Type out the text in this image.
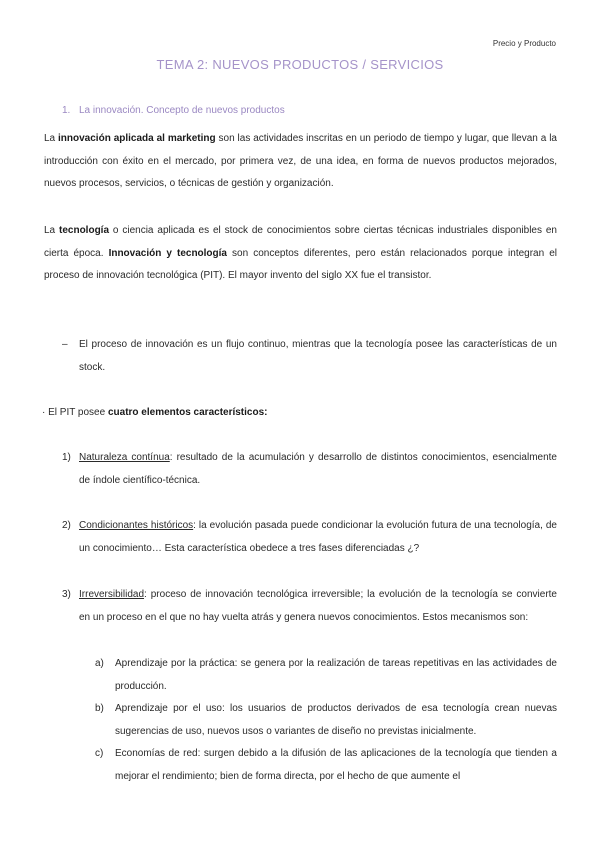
Precio y Producto
TEMA 2: NUEVOS PRODUCTOS / SERVICIOS
1. La innovación. Concepto de nuevos productos
La innovación aplicada al marketing son las actividades inscritas en un periodo de tiempo y lugar, que llevan a la introducción con éxito en el mercado, por primera vez, de una idea, en forma de nuevos productos mejorados, nuevos procesos, servicios, o técnicas de gestión y organización.
La tecnología o ciencia aplicada es el stock de conocimientos sobre ciertas técnicas industriales disponibles en cierta época. Innovación y tecnología son conceptos diferentes, pero están relacionados porque integran el proceso de innovación tecnológica (PIT). El mayor invento del siglo XX fue el transistor.
– El proceso de innovación es un flujo continuo, mientras que la tecnología posee las características de un stock.
· El PIT posee cuatro elementos característicos:
1) Naturaleza contínua: resultado de la acumulación y desarrollo de distintos conocimientos, esencialmente de índole científico-técnica.
2) Condicionantes históricos: la evolución pasada puede condicionar la evolución futura de una tecnología, de un conocimiento… Esta característica obedece a tres fases diferenciadas ¿?
3) Irreversibilidad: proceso de innovación tecnológica irreversible; la evolución de la tecnología se convierte en un proceso en el que no hay vuelta atrás y genera nuevos conocimientos. Estos mecanismos son:
a) Aprendizaje por la práctica: se genera por la realización de tareas repetitivas en las actividades de producción.
b) Aprendizaje por el uso: los usuarios de productos derivados de esa tecnología crean nuevas sugerencias de uso, nuevos usos o variantes de diseño no previstas inicialmente.
c) Economías de red: surgen debido a la difusión de las aplicaciones de la tecnología que tienden a mejorar el rendimiento; bien de forma directa, por el hecho de que aumente el
